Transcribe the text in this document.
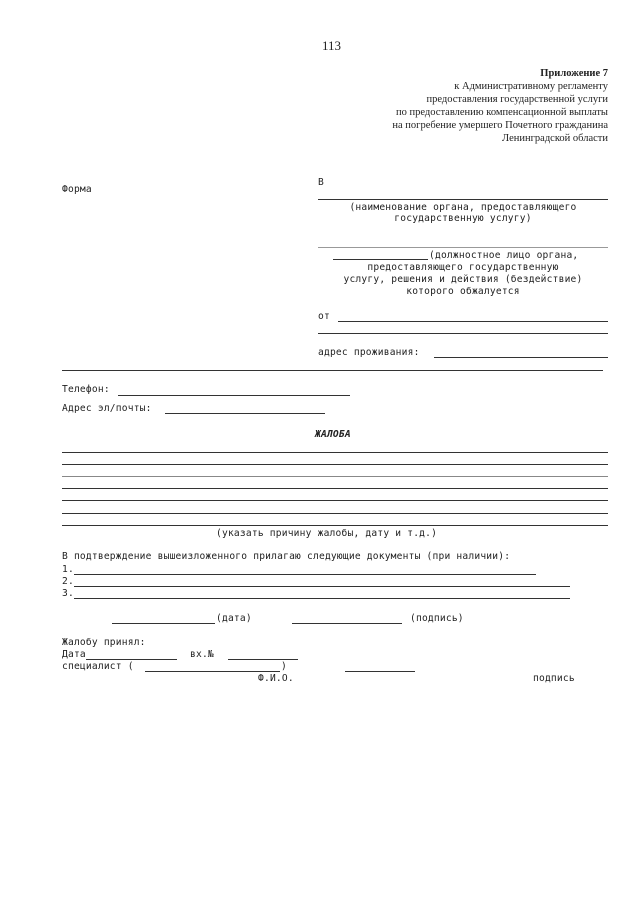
113
Приложение 7
к Административному регламенту
предоставления государственной услуги
по предоставлению компенсационной выплаты
на погребение умершего Почетного гражданина
Ленинградской области
Форма
В
(наименование органа, предоставляющего
государственную услугу)
(должностное лицо органа,
предоставляющего государственную
услугу, решения и действия (бездействие)
которого обжалуется
от
адрес проживания:
Телефон:
Адрес эл/почты:
ЖАЛОБА
(указать причину жалобы, дату и т.д.)
В подтверждение вышеизложенного прилагаю следующие документы (при наличии):
1.
2.
3.
(дата)	(подпись)
Жалобу принял:
Дата	вх.№
специалист (	)
Ф.И.О.	подпись
